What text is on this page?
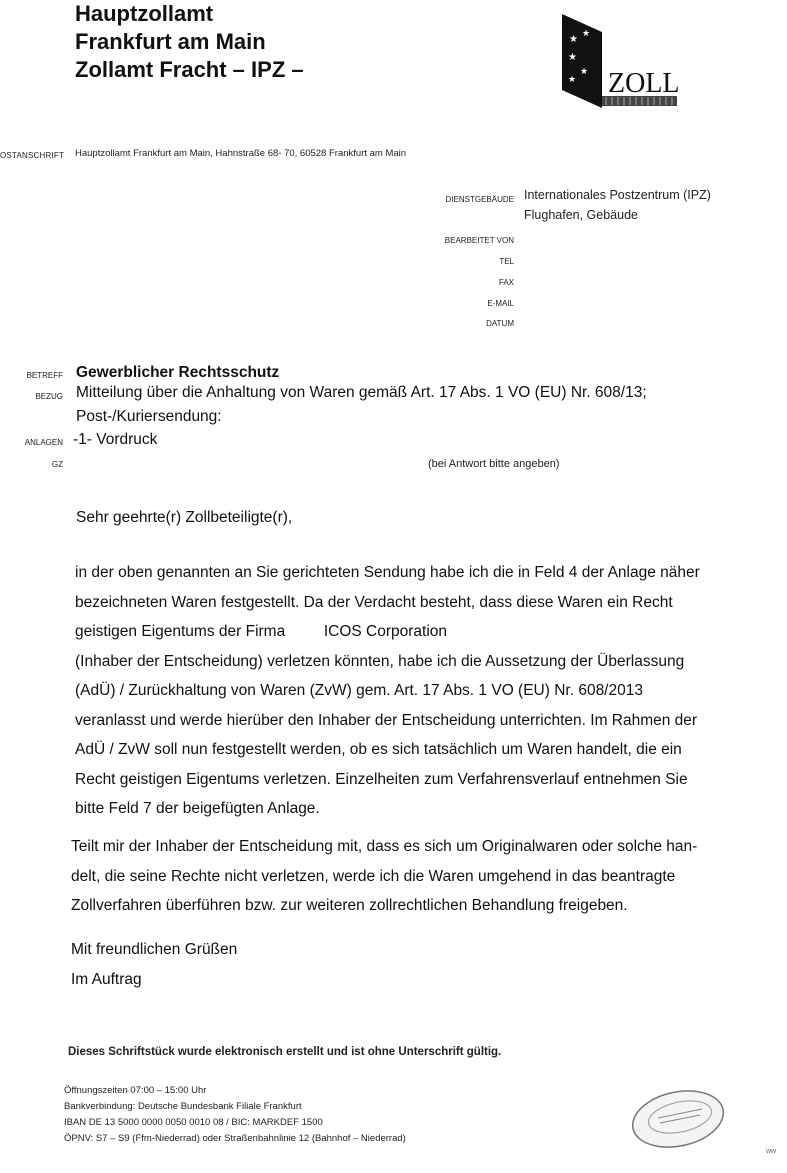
Hauptzollamt
Frankfurt am Main
Zollamt Fracht – IPZ –
★ ★
★
★
★ ZOLL
OSTANSCHRIFT Hauptzollamt Frankfurt am Main, Hahnstraße 68- 70, 60528 Frankfurt am Main
DIENSTGEBÄUDE Internationales Postzentrum (IPZ)
Flughafen, Gebäude
BEARBEITET VON
TEL
FAX
E-MAIL
DATUM
BETREFF Gewerblicher Rechtsschutz
BEZUG Mitteilung über die Anhaltung von Waren gemäß Art. 17 Abs. 1 VO (EU) Nr. 608/13;
Post-/Kuriersendung:
ANLAGEN -1- Vordruck
GZ	(bei Antwort bitte angeben)
Sehr geehrte(r) Zollbeteiligte(r),
in der oben genannten an Sie gerichteten Sendung habe ich die in Feld 4 der Anlage näher
bezeichneten Waren festgestellt. Da der Verdacht besteht, dass diese Waren ein Recht
geistigen Eigentums der Firma ICOS Corporation
(Inhaber der Entscheidung) verletzen könnten, habe ich die Aussetzung der Überlassung
(AdÜ) / Zurückhaltung von Waren (ZvW) gem. Art. 17 Abs. 1 VO (EU) Nr. 608/2013
veranlasst und werde hierüber den Inhaber der Entscheidung unterrichten. Im Rahmen der
AdÜ / ZvW soll nun festgestellt werden, ob es sich tatsächlich um Waren handelt, die ein
Recht geistigen Eigentums verletzen. Einzelheiten zum Verfahrensverlauf entnehmen Sie
bitte Feld 7 der beigefügten Anlage.
Teilt mir der Inhaber der Entscheidung mit, dass es sich um Originalwaren oder solche han-
delt, die seine Rechte nicht verletzen, werde ich die Waren umgehend in das beantragte
Zollverfahren überführen bzw. zur weiteren zollrechtlichen Behandlung freigeben.
Mit freundlichen Grüßen
Im Auftrag
Dieses Schriftstück wurde elektronisch erstellt und ist ohne Unterschrift gültig.
Öffnungszeiten 07:00 – 15:00 Uhr
Bankverbindung: Deutsche Bundesbank Filiale Frankfurt
IBAN DE 13 5000 0000 0050 0010 08 / BIC: MARKDEF 1500
ÖPNV: S7 – S9 (Ffm-Niederrad) oder Straßenbahnlinie 12 (Bahnhof – Niederrad)
ww
